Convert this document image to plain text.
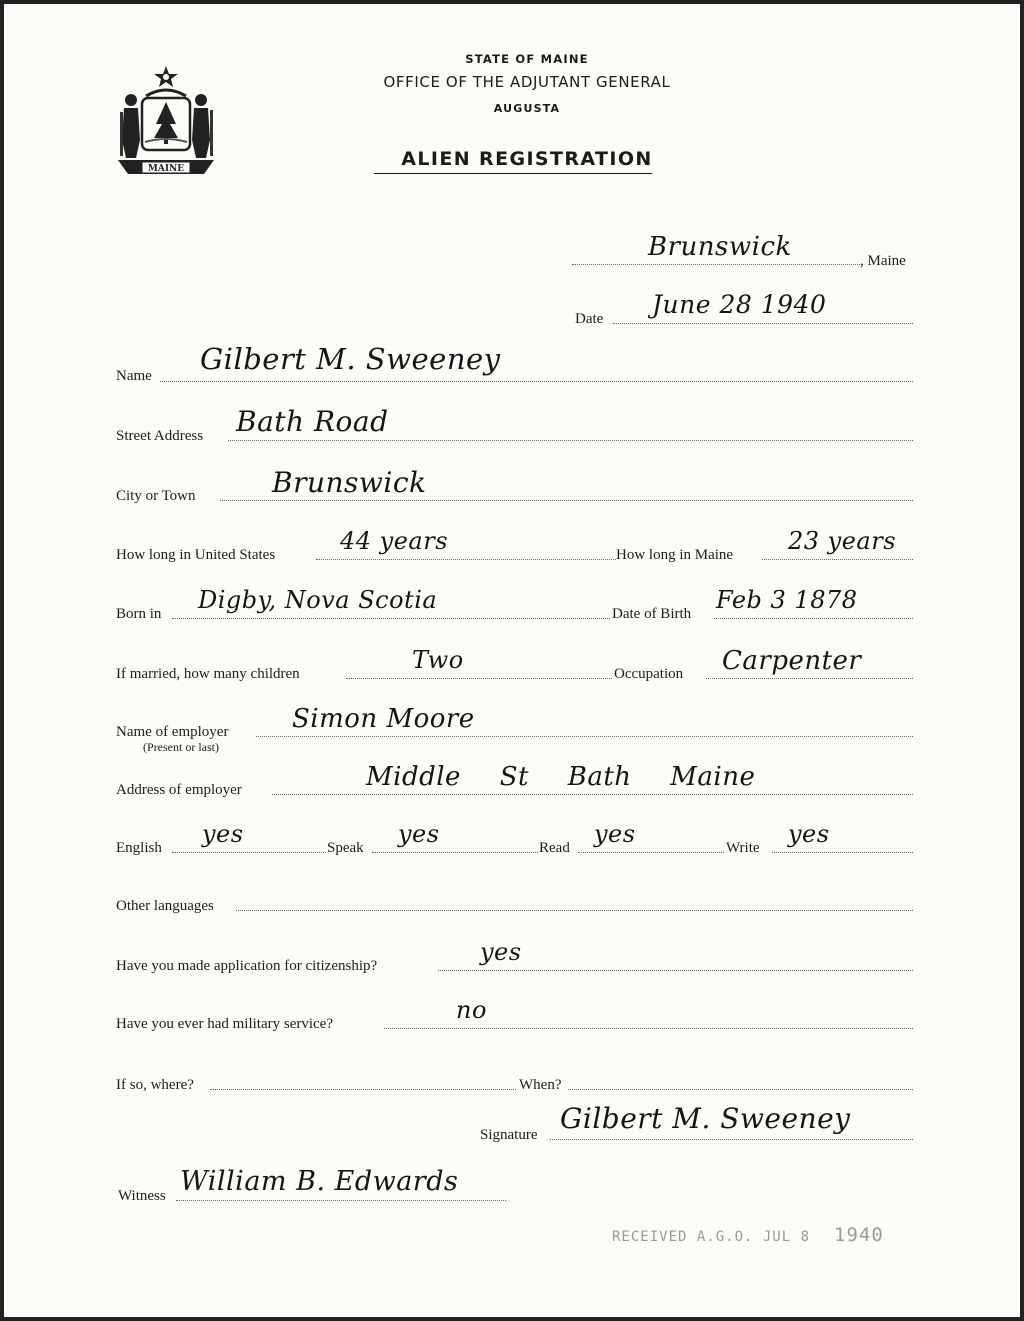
MAINE
STATE OF MAINE
OFFICE OF THE ADJUTANT GENERAL
AUGUSTA
ALIEN REGISTRATION
Brunswick	, Maine
Date June 28 1940
Name Gilbert M. Sweeney
Street Address Bath Road
City or Town	Brunswick
How long in United States	44 years	How long in Maine 23 years
Born in Digby, Nova Scotia	Date of Birth Feb 3 1878
If married, how many children	Two	Occupation Carpenter
Name of employer
(Present or last)
Simon Moore
Address of employer	Middle St Bath Maine
English yes	Speak yes	Read yes	Write yes
Other languages
Have you made application for citizenship?	yes
Have you ever had military service?	no
If so, where?	When?
Signature Gilbert M. Sweeney
Witness William B. Edwards
RECEIVED A.G.O. JUL 8 1940
